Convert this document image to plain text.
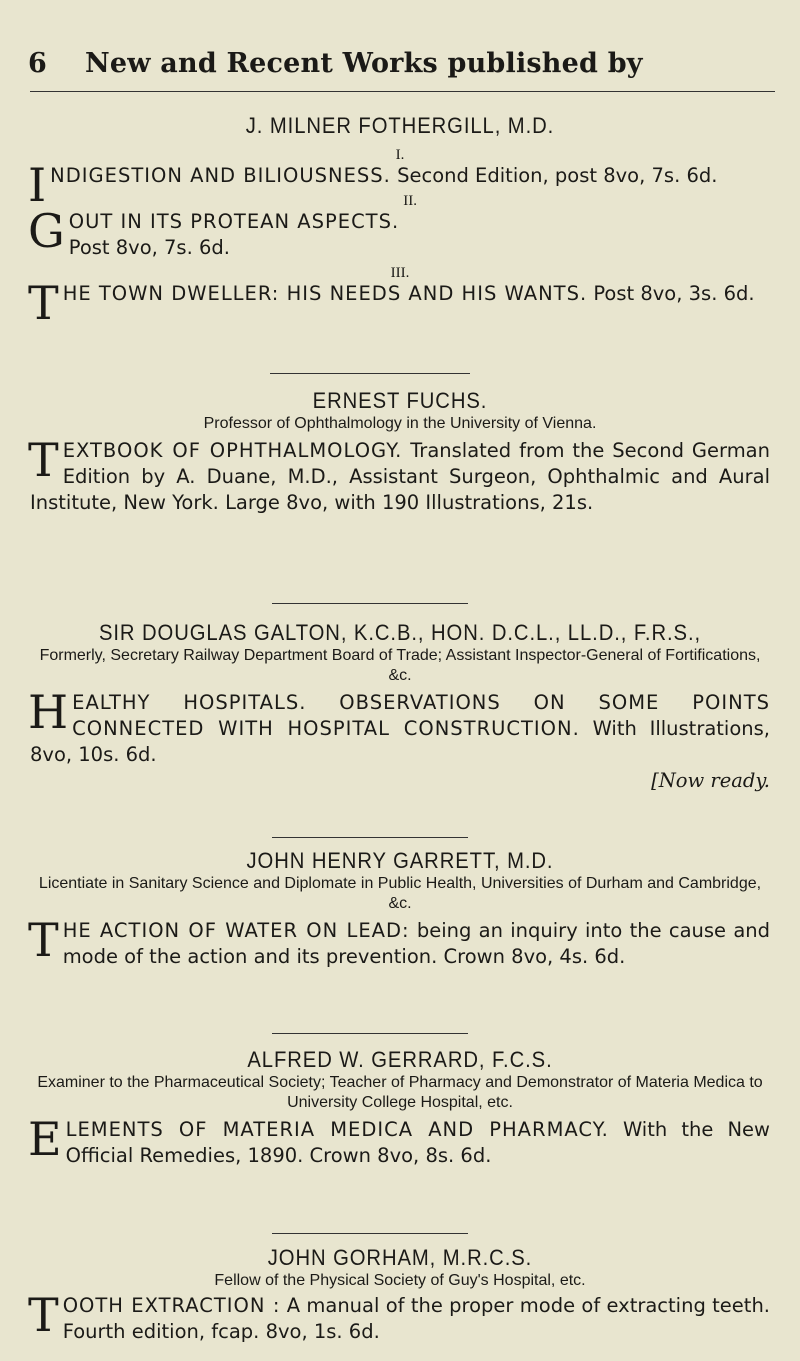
6 New and Recent Works published by

J. MILNER FOTHERGILL, M.D.

I.

INDIGESTION AND BILIOUSNESS. Second Edition, post 8vo, 7s. 6d.

II.

GOUT IN ITS PROTEAN ASPECTS.
Post 8vo, 7s. 6d.

III.

THE TOWN DWELLER: HIS NEEDS AND HIS WANTS. Post 8vo, 3s. 6d.

ERNEST FUCHS.

Professor of Ophthalmology in the University of Vienna.

TEXTBOOK OF OPHTHALMOLOGY. Translated from the Second German Edition by A. Duane, M.D., Assistant Surgeon, Ophthalmic and Aural Institute, New York. Large 8vo, with 190 Illustrations, 21s.

SIR DOUGLAS GALTON, K.C.B., HON. D.C.L., LL.D., F.R.S.,

Formerly, Secretary Railway Department Board of Trade; Assistant Inspector-General of Fortifications, &c.

HEALTHY HOSPITALS. OBSERVATIONS ON SOME POINTS CONNECTED WITH HOSPITAL CONSTRUCTION. With Illustrations, 8vo, 10s. 6d.

[Now ready.

JOHN HENRY GARRETT, M.D.

Licentiate in Sanitary Science and Diplomate in Public Health, Universities of Durham and Cambridge, &c.

THE ACTION OF WATER ON LEAD: being an inquiry into the cause and mode of the action and its prevention. Crown 8vo, 4s. 6d.

ALFRED W. GERRARD, F.C.S.

Examiner to the Pharmaceutical Society; Teacher of Pharmacy and Demonstrator of Materia Medica to University College Hospital, etc.

ELEMENTS OF MATERIA MEDICA AND PHARMACY. With the New Official Remedies, 1890. Crown 8vo, 8s. 6d.

JOHN GORHAM, M.R.C.S.

Fellow of the Physical Society of Guy's Hospital, etc.

TOOTH EXTRACTION : A manual of the proper mode of extracting teeth. Fourth edition, fcap. 8vo, 1s. 6d.
